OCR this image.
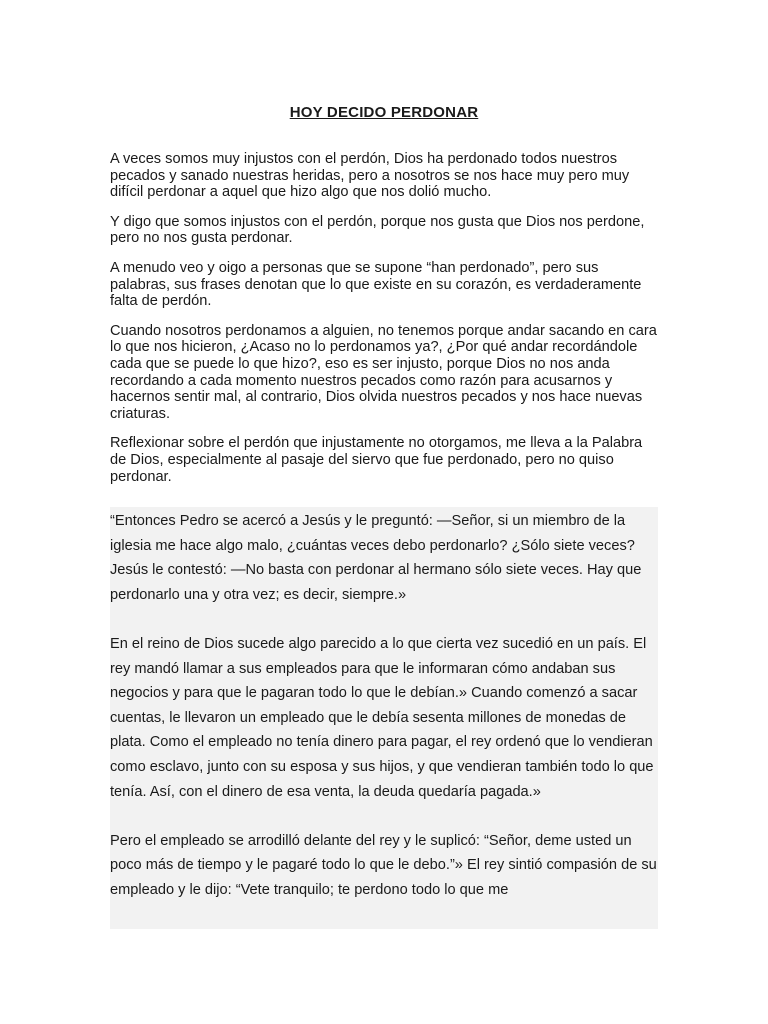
HOY DECIDO PERDONAR

A veces somos muy injustos con el perdón, Dios ha perdonado todos nuestros pecados y sanado nuestras heridas, pero a nosotros se nos hace muy pero muy difícil perdonar a aquel que hizo algo que nos dolió mucho.

Y digo que somos injustos con el perdón, porque nos gusta que Dios nos perdone, pero no nos gusta perdonar.

A menudo veo y oigo a personas que se supone “han perdonado”, pero sus palabras, sus frases denotan que lo que existe en su corazón, es verdaderamente falta de perdón.

Cuando nosotros perdonamos a alguien, no tenemos porque andar sacando en cara lo que nos hicieron, ¿Acaso no lo perdonamos ya?, ¿Por qué andar recordándole cada que se puede lo que hizo?, eso es ser injusto, porque Dios no nos anda recordando a cada momento nuestros pecados como razón para acusarnos y hacernos sentir mal, al contrario, Dios olvida nuestros pecados y nos hace nuevas criaturas.

Reflexionar sobre el perdón que injustamente no otorgamos, me lleva a la Palabra de Dios, especialmente al pasaje del siervo que fue perdonado, pero no quiso perdonar.

“Entonces Pedro se acercó a Jesús y le preguntó: —Señor, si un miembro de la iglesia me hace algo malo, ¿cuántas veces debo perdonarlo? ¿Sólo siete veces? Jesús le contestó: —No basta con perdonar al hermano sólo siete veces. Hay que perdonarlo una y otra vez; es decir, siempre.»

En el reino de Dios sucede algo parecido a lo que cierta vez sucedió en un país. El rey mandó llamar a sus empleados para que le informaran cómo andaban sus negocios y para que le pagaran todo lo que le debían.» Cuando comenzó a sacar cuentas, le llevaron un empleado que le debía sesenta millones de monedas de plata. Como el empleado no tenía dinero para pagar, el rey ordenó que lo vendieran como esclavo, junto con su esposa y sus hijos, y que vendieran también todo lo que tenía. Así, con el dinero de esa venta, la deuda quedaría pagada.»

Pero el empleado se arrodilló delante del rey y le suplicó: “Señor, deme usted un poco más de tiempo y le pagaré todo lo que le debo.”» El rey sintió compasión de su empleado y le dijo: “Vete tranquilo; te perdono todo lo que me
